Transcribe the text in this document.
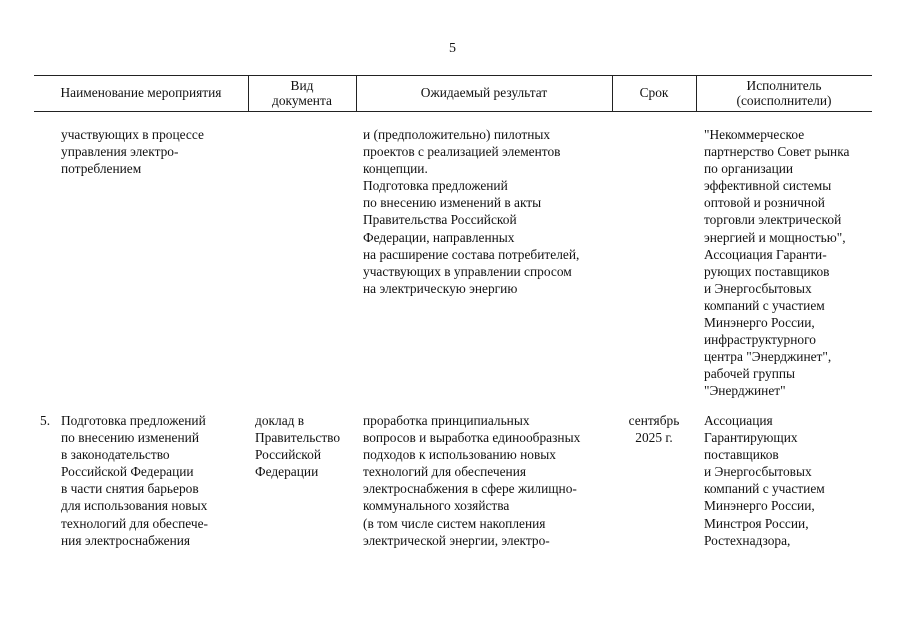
5
Наименование мероприятия
Вид
документа
Ожидаемый результат	Срок
Исполнитель
(соисполнители)
участвующих в процессе
управления электро-
потреблением
и (предположительно) пилотных
проектов с реализацией элементов
концепции.
Подготовка предложений
по внесению изменений в акты
Правительства Российской
Федерации, направленных
на расширение состава потребителей,
участвующих в управлении спросом
на электрическую энергию
"Некоммерческое
партнерство Совет рынка
по организации
эффективной системы
оптовой и розничной
торговли электрической
энергией и мощностью",
Ассоциация Гаранти-
рующих поставщиков
и Энергосбытовых
компаний с участием
Минэнерго России,
инфраструктурного
центра "Энерджинет",
рабочей группы
"Энерджинет"
5. Подготовка предложений
по внесению изменений
в законодательство
Российской Федерации
в части снятия барьеров
для использования новых
технологий для обеспече-
ния электроснабжения
доклад в
Правительство
Российской
Федерации
проработка принципиальных
вопросов и выработка единообразных
подходов к использованию новых
технологий для обеспечения
электроснабжения в сфере жилищно-
коммунального хозяйства
(в том числе систем накопления
электрической энергии, электро-
сентябрь
2025 г.
Ассоциация
Гарантирующих
поставщиков
и Энергосбытовых
компаний с участием
Минэнерго России,
Минстроя России,
Ростехнадзора,
